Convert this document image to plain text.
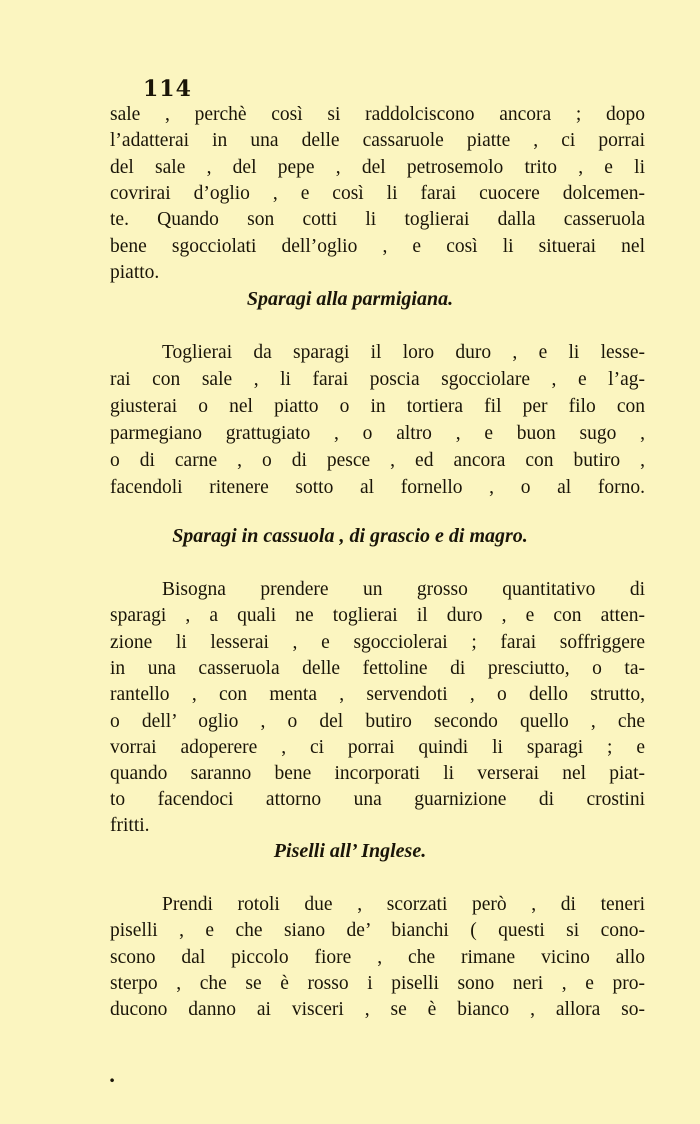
114
sale , perchè così si raddolciscono ancora ; dopo
l’adatterai in una delle cassaruole piatte , ci porrai
del sale , del pepe , del petrosemolo trito , e li
covrirai d’oglio , e così li farai cuocere dolcemen-
te. Quando son cotti li toglierai dalla casseruola
bene sgocciolati dell’oglio , e così li situerai nel
piatto.
Sparagi alla parmigiana.
Toglierai da sparagi il loro duro , e li lesse-
rai con sale , li farai poscia sgocciolare , e l’ag-
giusterai o nel piatto o in tortiera fil per filo con
parmegiano grattugiato , o altro , e buon sugo ,
o di carne , o di pesce , ed ancora con butiro ,
facendoli ritenere sotto al fornello , o al forno.
Sparagi in cassuola , di grascio e di magro.
Bisogna prendere un grosso quantitativo di
sparagi , a quali ne toglierai il duro , e con atten-
zione li lesserai , e sgocciolerai ; farai soffriggere
in una casseruola delle fettoline di presciutto, o ta-
rantello , con menta , servendoti , o dello strutto,
o dell’ oglio , o del butiro secondo quello , che
vorrai adoperere , ci porrai quindi li sparagi ; e
quando saranno bene incorporati li verserai nel piat-
to facendoci attorno una guarnizione di crostini
fritti.
Piselli all’ Inglese.
Prendi rotoli due , scorzati però , di teneri
piselli , e che siano de’ bianchi ( questi si cono-
scono dal piccolo fiore , che rimane vicino allo
sterpo , che se è rosso i piselli sono neri , e pro-
ducono danno ai visceri , se è bianco , allora so-
∙
